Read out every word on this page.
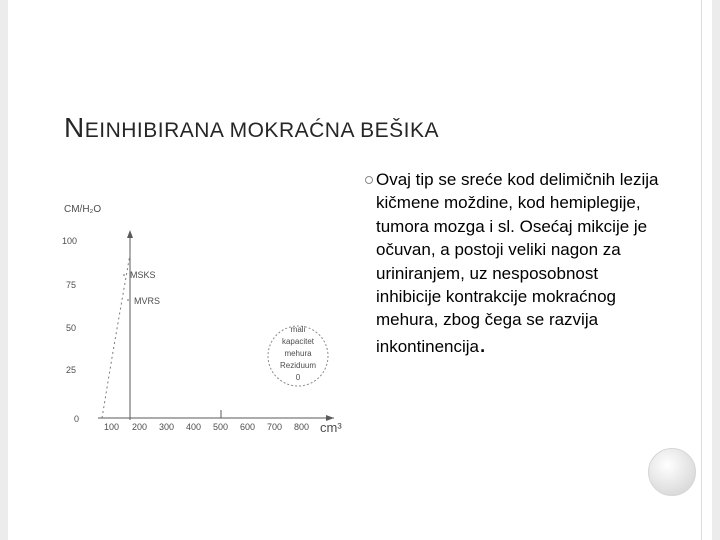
NEINHIBIRANA MOKRAĆNA BEŠIKA
CM/H₂O
100
75
50
25
0
100 200 300 400 500 600 700 800 cm³
MSKS
MVRS
mali
kapacitet
mehura
Reziduum
0
Ovaj tip se sreće kod delimičnih lezija kičmene moždine, kod hemiplegije, tumora mozga i sl. Osećaj mikcije je očuvan, a postoji veliki nagon za uriniranjem, uz nesposobnost inhibicije kontrakcije mokraćnog mehura, zbog čega se razvija inkontinencija.
